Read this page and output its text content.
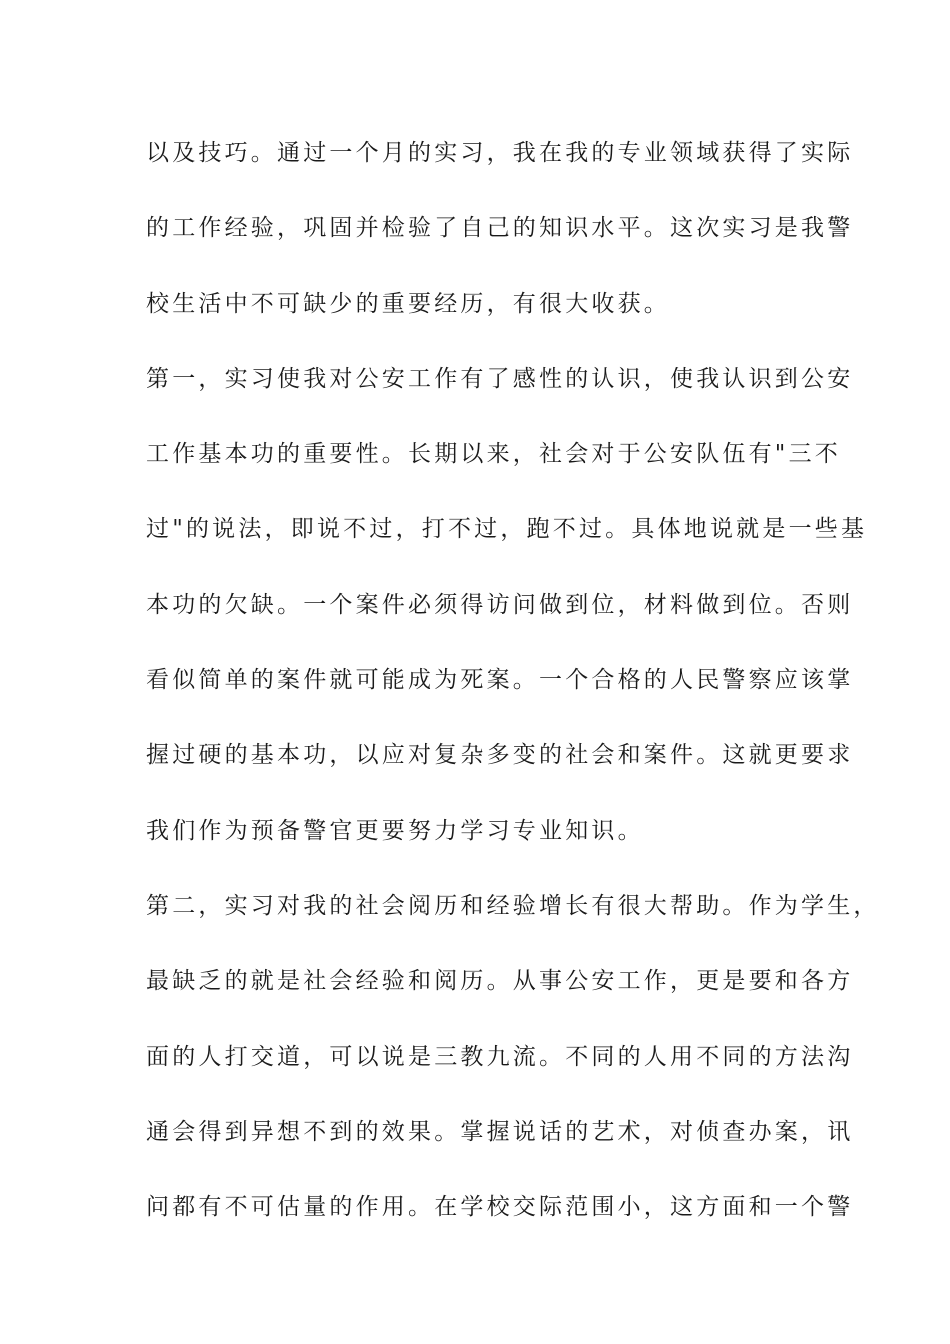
以及技巧。通过一个月的实习，我在我的专业领域获得了实际
的工作经验，巩固并检验了自己的知识水平。这次实习是我警
校生活中不可缺少的重要经历，有很大收获。
第一，实习使我对公安工作有了感性的认识，使我认识到公安
工作基本功的重要性。长期以来，社会对于公安队伍有"三不
过"的说法，即说不过，打不过，跑不过。具体地说就是一些基
本功的欠缺。一个案件必须得访问做到位，材料做到位。否则
看似简单的案件就可能成为死案。一个合格的人民警察应该掌
握过硬的基本功，以应对复杂多变的社会和案件。这就更要求
我们作为预备警官更要努力学习专业知识。
第二，实习对我的社会阅历和经验增长有很大帮助。作为学生，
最缺乏的就是社会经验和阅历。从事公安工作，更是要和各方
面的人打交道，可以说是三教九流。不同的人用不同的方法沟
通会得到异想不到的效果。掌握说话的艺术，对侦查办案，讯
问都有不可估量的作用。在学校交际范围小，这方面和一个警
